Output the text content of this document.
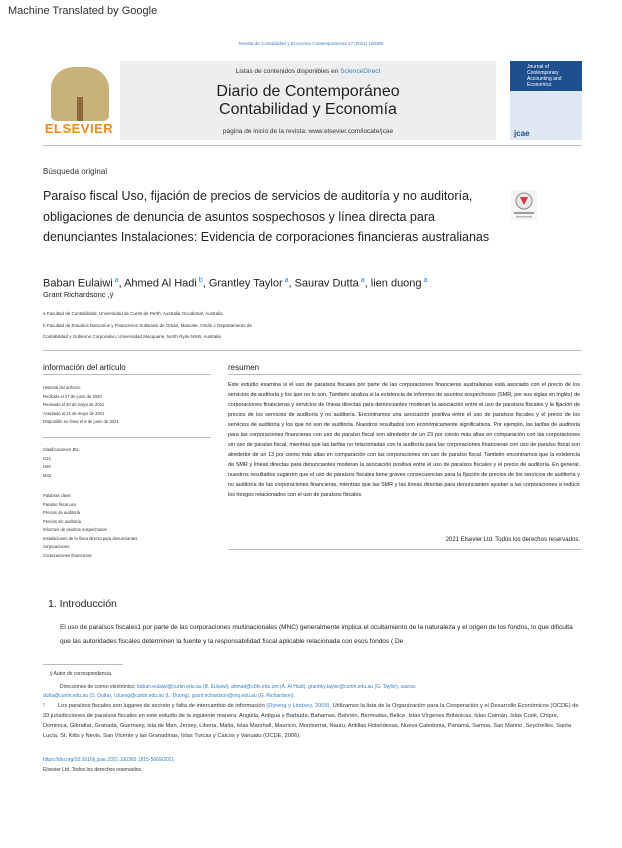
Machine Translated by Google
Revista de Contabilidad y Economía Contemporáneas 17 (2021) 100365
ELSEVIER
Listas de contenidos disponibles en ScienceDirect
Diario de Contemporáneo
Contabilidad y Economía
página de inicio de la revista: www.elsevier.com/locate/jcae
Journal of Contemporary Accounting and Economics
jcae
Búsqueda original
Paraíso fiscal Uso, fijación de precios de servicios de auditoría y no auditoría, obligaciones de denuncia de asuntos sospechosos y línea directa para denunciantes Instalaciones: Evidencia de corporaciones financieras australianas
Baban Eulaiwi $^a$, Ahmed Al Hadi $^b$, Grantley Taylor $^a$, Saurav Dutta $^a$, lien duong $^a$
Grant Richardsonc ,ÿ
a Facultad de Contabilidad, Universidad de Curtin de Perth, Australia Occidental, Australia
b Facultad de Estudios Bancarios y Financieros Sultanato de Omán, Mascate, Omán c Departamento de
Contabilidad y Gobierno Corporativo, Universidad Macquarie, North Ryde NSW, Australia
información del artículo
Historial del artículo:
Recibido el 17 de junio de 2020
Revisado el 20 de mayo de 2021
Aceptado el 21 de mayo de 2021
Disponible en línea el 8 de junio de 2021
Clasificaciones JEL:
G21
H26
M42
Palabras clave:
Paraíso fiscal uso
Precios de auditoría
Precios sin auditoría
Informes de asuntos sospechosos
Instalaciones de la línea directa para denunciantes
corporaciones
Corporaciones financieras
resumen
Este estudio examina si el uso de paraísos fiscales por parte de las corporaciones financieras australianas está asociado con el precio de los servicios de auditoría y los que no lo son. También analiza si la existencia de informes de asuntos sospechosos (SMR, por sus siglas en inglés) de corporaciones financieras y servicios de líneas directas para denunciantes moderan la asociación entre el uso de paraísos fiscales y la fijación de precios de los servicios de auditoría y no auditoría. Encontramos una asociación positiva entre el uso de paraísos fiscales y el precio de los servicios de auditoría y los que no son de auditoría. Nuestros resultados son económicamente significativos. Por ejemplo, las tarifas de auditoría para las corporaciones financieras con uso de paraíso fiscal son alrededor de un 23 por ciento más altas en comparación con las corporaciones sin uso de paraíso fiscal, mientras que las tarifas no relacionadas con la auditoría para las corporaciones financieras con uso de paraíso fiscal son alrededor de un 13 por ciento más altas en comparación con las corporaciones sin uso de paraíso fiscal. También encontramos que la existencia de SMR y líneas directas para denunciantes moderan la asociación positiva entre el uso de paraísos fiscales y el precio de auditoría. En general, nuestros resultados sugieren que el uso de paraísos fiscales tiene graves consecuencias para la fijación de precios de los servicios de auditoría y no auditoría de las corporaciones financieras, mientras que las SMR y las líneas directas para denunciantes ayudan a las corporaciones a reducir los riesgos relacionados con el uso de paraísos fiscales.
2021 Elsevier Ltd. Todos los derechos reservados.
1. Introducción
El uso de paraísos fiscales1 por parte de las corporaciones multinacionales (MNC) generalmente implica el ocultamiento de la naturaleza y el origen de los fondos, lo que dificulta que las autoridades fiscales determinen la fuente y la responsabilidad fiscal aplicable relacionada con esos fondos ( De
ÿ Autor de correspondencia.
Direcciones de correo electrónico: baban.eulaiwi@curtin.edu.au (B. Eulaiwi), ahmad@cbfs.edu.om (A. Al Hadi), grantley.taylor@curtin.edu.au (G. Taylor), saurav.
dutta@curtin.edu.au (S. Dutta), l.duong@curtin.edu.au (L. Duong), grant.richardson@mq.edu.au (G. Richardson).
¹ Los paraísos fiscales son lugares de secreto y falta de intercambio de información (Dyreng y Lindsey, 2009). Utilizamos la lista de la Organización para la Cooperación y el Desarrollo Económicos (OCDE) de 33 jurisdicciones de paraísos fiscales en este estudio de la siguiente manera: Anguila, Antigua y Barbuda, Bahamas, Bahrein, Bermudas, Belice, Islas Vírgenes Británicas, Islas Caimán, Islas Cook, Chipre, Dominica, Gibraltar, Granada, Guernsey, Isla de Man, Jersey, Liberia, Malta, Islas Marshall, Mauricio, Montserrat, Nauru, Antillas Holandesas, Nueva Caledonia, Panamá, Samoa, San Marino, Seychelles, Santa Lucía, St. Kitts y Nevis, San Vicente y las Granadinas, Islas Turcas y Caicos y Vanuatu (OCDE, 2006).
https://doi.org/10.1016/j.jcae.2021.100365 1815-5669/2021
Elsevier Ltd. Todos los derechos reservados.
